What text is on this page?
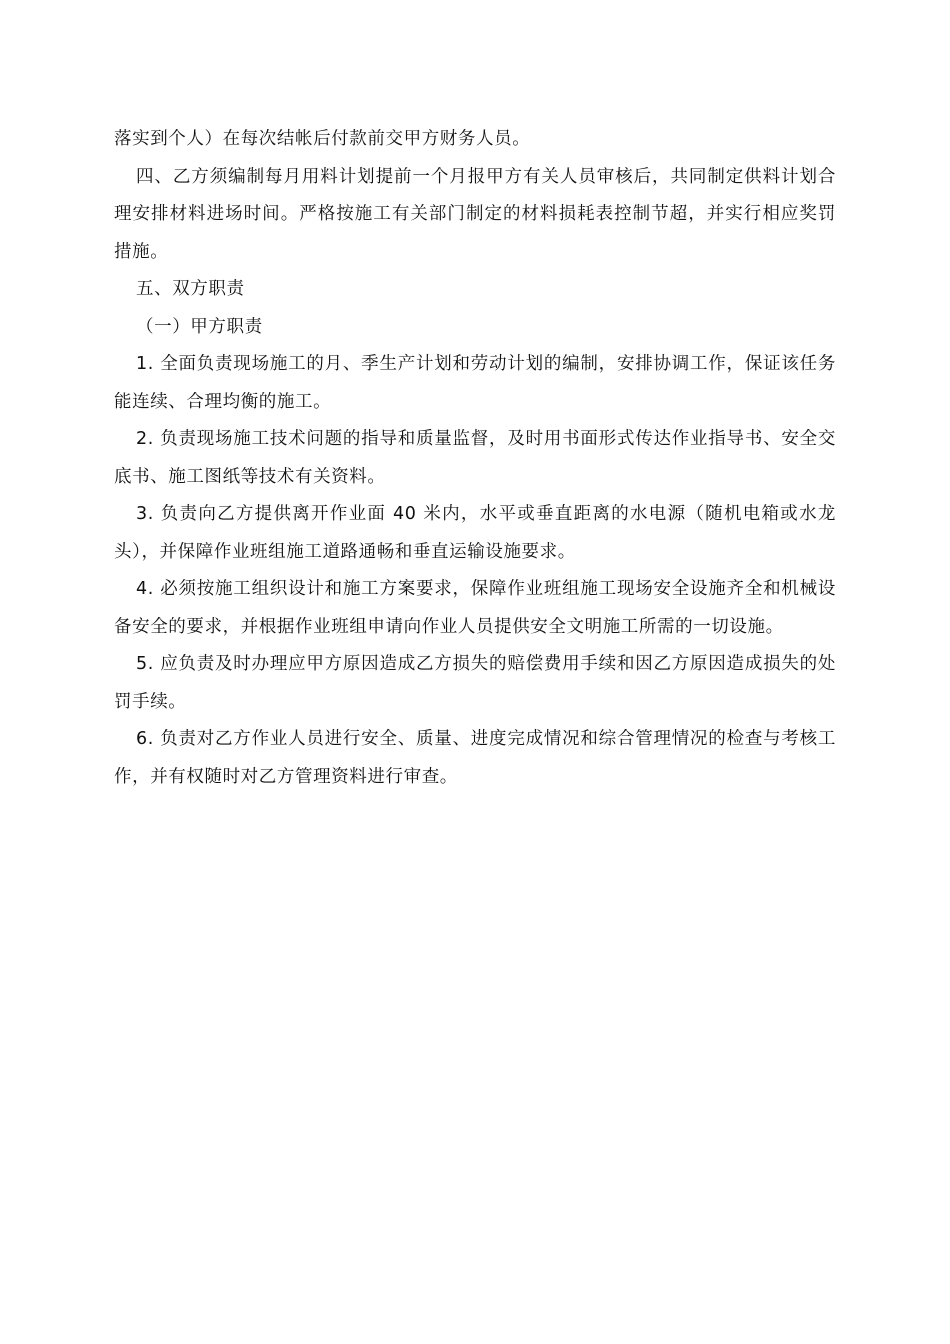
落实到个人）在每次结帐后付款前交甲方财务人员。

四、乙方须编制每月用料计划提前一个月报甲方有关人员审核后，共同制定供料计划合理安排材料进场时间。严格按施工有关部门制定的材料损耗表控制节超，并实行相应奖罚措施。

五、双方职责

（一）甲方职责

1. 全面负责现场施工的月、季生产计划和劳动计划的编制，安排协调工作，保证该任务能连续、合理均衡的施工。

2. 负责现场施工技术问题的指导和质量监督，及时用书面形式传达作业指导书、安全交底书、施工图纸等技术有关资料。

3. 负责向乙方提供离开作业面 40 米内，水平或垂直距离的水电源（随机电箱或水龙头），并保障作业班组施工道路通畅和垂直运输设施要求。

4. 必须按施工组织设计和施工方案要求，保障作业班组施工现场安全设施齐全和机械设备安全的要求，并根据作业班组申请向作业人员提供安全文明施工所需的一切设施。

5. 应负责及时办理应甲方原因造成乙方损失的赔偿费用手续和因乙方原因造成损失的处罚手续。

6. 负责对乙方作业人员进行安全、质量、进度完成情况和综合管理情况的检查与考核工作，并有权随时对乙方管理资料进行审查。
